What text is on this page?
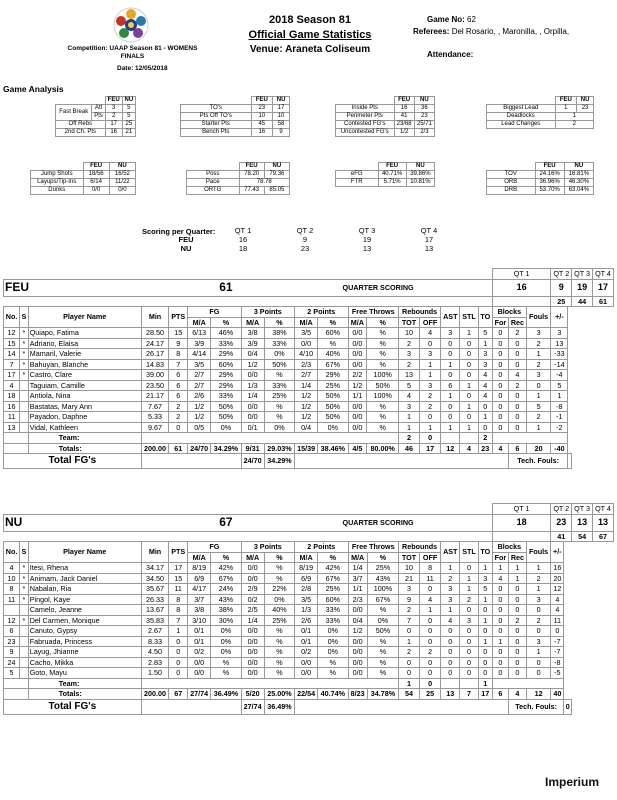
Competition: UAAP Season 81 - WOMENS FINALS
Date: 12/05/2018
2018 Season 81
Official Game Statistics
Venue: Araneta Coliseum
Game No: 62
Referees: Del Rosario, , Maronilla, , Orpilla,
Attendance:
Game Analysis
		FEU	NU
Fast Break	Att	3	5
	Pts	2	5
Off Rebs		17	25
2nd Ch. Pts		16	21
	FEU	NU
TO's	23	17
Pts Off TO's	10	10
Starter Pts	45	58
Bench Pts	16	9
	FEU	NU
Inside Pts	16	36
Perimeter Pts	41	23
Contested FG's	23/68	25/71
Uncontested FG's	1/2	2/3
	FEU	NU
Biggest Lead	1	23
Deadlocks	1	
Lead Changes	2	
	FEU	NU
Jump Shots	18/56	16/52
Layups/Tip-Ins	6/14	11/22
Dunks	0/0	0/0
	FEU	NU
Poss	78.20	79.36
Pace	78.78	
ORTG	77.43	85.05
	FEU	NU
eFG	40.71%	39.86%
FTR	5.71%	10.81%
	FEU	NU
TOV	24.16%	16.81%
ORB	36.96%	46.30%
DRB	53.70%	63.04%
Scoring per Quarter:
		QT 1	QT 2	QT 3	QT 4
FEU	16	9	19	17
NU	18	23	13	13
																		QT 1			QT 2		QT 3	QT 4
FEU					61			QUARTER SCORING										16			9		19	17
																					25		44	61
No.	S	Player Name	Min	PTS	FG		3 Points		2 Points		Free Throws		Rebounds		AST	STL	TO	Blocks		Fouls	+/-			
					M/A	%	M/A	%	M/A	%	M/A	%	TOT	OFF				For	Rec					
12	*	Quiapo, Fatima	28.50	15	6/13	46%	3/8	38%	3/5	60%	0/0	%	10	4	3	1	5	0	2	3	3			
15	*	Adriano, Elaisa	24.17	9	3/9	33%	3/9	33%	0/0	%	0/0	%	2	0	0	0	1	0	0	2	13			
14	*	Mamaril, Valerie	26.17	8	4/14	29%	0/4	0%	4/10	40%	0/0	%	3	3	0	0	3	0	0	1	-33			
7	*	Bahuyan, Blanche	14.83	7	3/5	60%	1/2	50%	2/3	67%	0/0	%	2	1	1	0	3	0	0	2	-14			
17	*	Castro, Clare	39.00	6	2/7	29%	0/0	%	2/7	29%	2/2	100%	13	1	0	0	4	0	4	3	-4			
4		Taguiam, Camille	23.50	6	2/7	29%	1/3	33%	1/4	25%	1/2	50%	5	3	6	1	4	0	2	0	5			
18		Antiola, Nina	21.17	6	2/6	33%	1/4	25%	1/2	50%	1/1	100%	4	2	1	0	4	0	0	1	1			
16		Bastatas, Mary Ann	7.67	2	1/2	50%	0/0	%	1/2	50%	0/0	%	3	2	0	1	0	0	0	5	-8			
11		Payadon, Daphne	5.33	2	1/2	50%	0/0	%	1/2	50%	0/0	%	1	0	0	0	1	0	0	2	-1			
13		Vidal, Kathleen	9.67	0	0/5	0%	0/1	0%	0/4	0%	0/0	%	1	1	1	1	0	0	0	1	-2			
		Team:											2	0			2							
		Totals:	200.00	61	24/70	34.29%	9/31	29.03%	15/39	38.46%	4/5	80.00%	46	17	12	4	23	4	6	20	-40			
Total FG's							24/70	34.29%											Tech. Fouls:					
																		QT 1			QT 2		QT 3	QT 4
NU					67			QUARTER SCORING										18			23		13	13
																					41		54	67
No.	S	Player Name	Min	PTS	FG		3 Points		2 Points		Free Throws		Rebounds		AST	STL	TO	Blocks		Fouls	+/-			
					M/A	%	M/A	%	M/A	%	M/A	%	TOT	OFF				For	Rec					
4	*	Itesi, Rhena	34.17	17	8/19	42%	0/0	%	8/19	42%	1/4	25%	10	8	1	0	1	1	1	1	16			
10	*	Animam, Jack Daniel	34.50	15	6/9	67%	0/0	%	6/9	67%	3/7	43%	21	11	2	1	3	4	1	2	20			
8	*	Nabalan, Ria	35.67	11	4/17	24%	2/9	22%	2/8	25%	1/1	100%	3	0	3	1	5	0	0	1	12			
11	*	Pingol, Kaye	26.33	8	3/7	43%	0/2	0%	3/5	60%	2/3	67%	9	4	3	2	1	0	0	3	4			
		Camelo, Jeanne	13.67	8	3/8	38%	2/5	40%	1/3	33%	0/0	%	2	1	1	0	0	0	0	0	4			
12	*	Del Carmen, Monique	35.83	7	3/10	30%	1/4	25%	2/6	33%	0/4	0%	7	0	4	3	1	0	2	2	11			
6		Canuto, Gypsy	2.67	1	0/1	0%	0/0	%	0/1	0%	1/2	50%	0	0	0	0	0	0	0	0	0			
23		Fabruada, Princess	8.33	0	0/1	0%	0/0	%	0/1	0%	0/0	%	1	0	0	0	1	1	0	3	-7			
9		Layug, Jhianne	4.50	0	0/2	0%	0/0	%	0/2	0%	0/0	%	2	2	0	0	0	0	0	1	-7			
24		Cacho, Mikka	2.83	0	0/0	%	0/0	%	0/0	%	0/0	%	0	0	0	0	0	0	0	0	-8			
5		Goto, Mayu	1.50	0	0/0	%	0/0	%	0/0	%	0/0	%	0	0	0	0	0	0	0	0	-5			
		Team:											1	0			1							
		Totals:	200.00	67	27/74	36.49%	5/20	25.00%	22/54	40.74%	8/23	34.78%	54	25	13	7	17	6	4	12	40			
Total FG's							27/74	36.49%											Tech. Fouls:			0		
Imperium
